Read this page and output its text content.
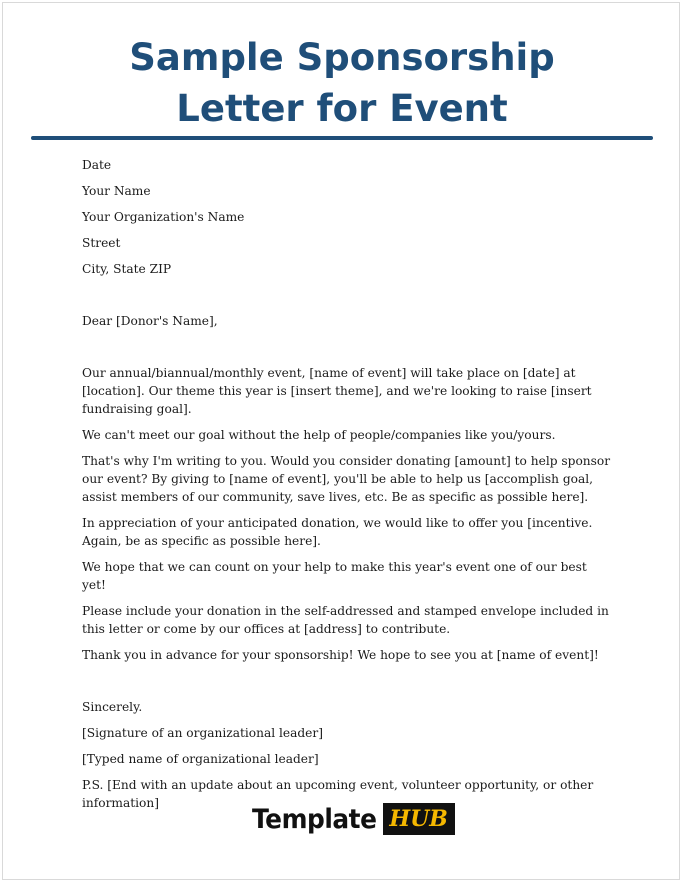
Sample Sponsorship
Letter for Event

Date

Your Name

Your Organization's Name

Street

City, State ZIP

Dear [Donor's Name],

Our annual/biannual/monthly event, [name of event] will take place on [date] at [location]. Our theme this year is [insert theme], and we're looking to raise [insert fundraising goal].

We can't meet our goal without the help of people/companies like you/yours.

That's why I'm writing to you. Would you consider donating [amount] to help sponsor our event? By giving to [name of event], you'll be able to help us [accomplish goal, assist members of our community, save lives, etc. Be as specific as possible here].

In appreciation of your anticipated donation, we would like to offer you [incentive. Again, be as specific as possible here].

We hope that we can count on your help to make this year's event one of our best yet!

Please include your donation in the self-addressed and stamped envelope included in this letter or come by our offices at [address] to contribute.

Thank you in advance for your sponsorship! We hope to see you at [name of event]!

Sincerely.

[Signature of an organizational leader]

[Typed name of organizational leader]

P.S. [End with an update about an upcoming event, volunteer opportunity, or other information]

Template HUB
